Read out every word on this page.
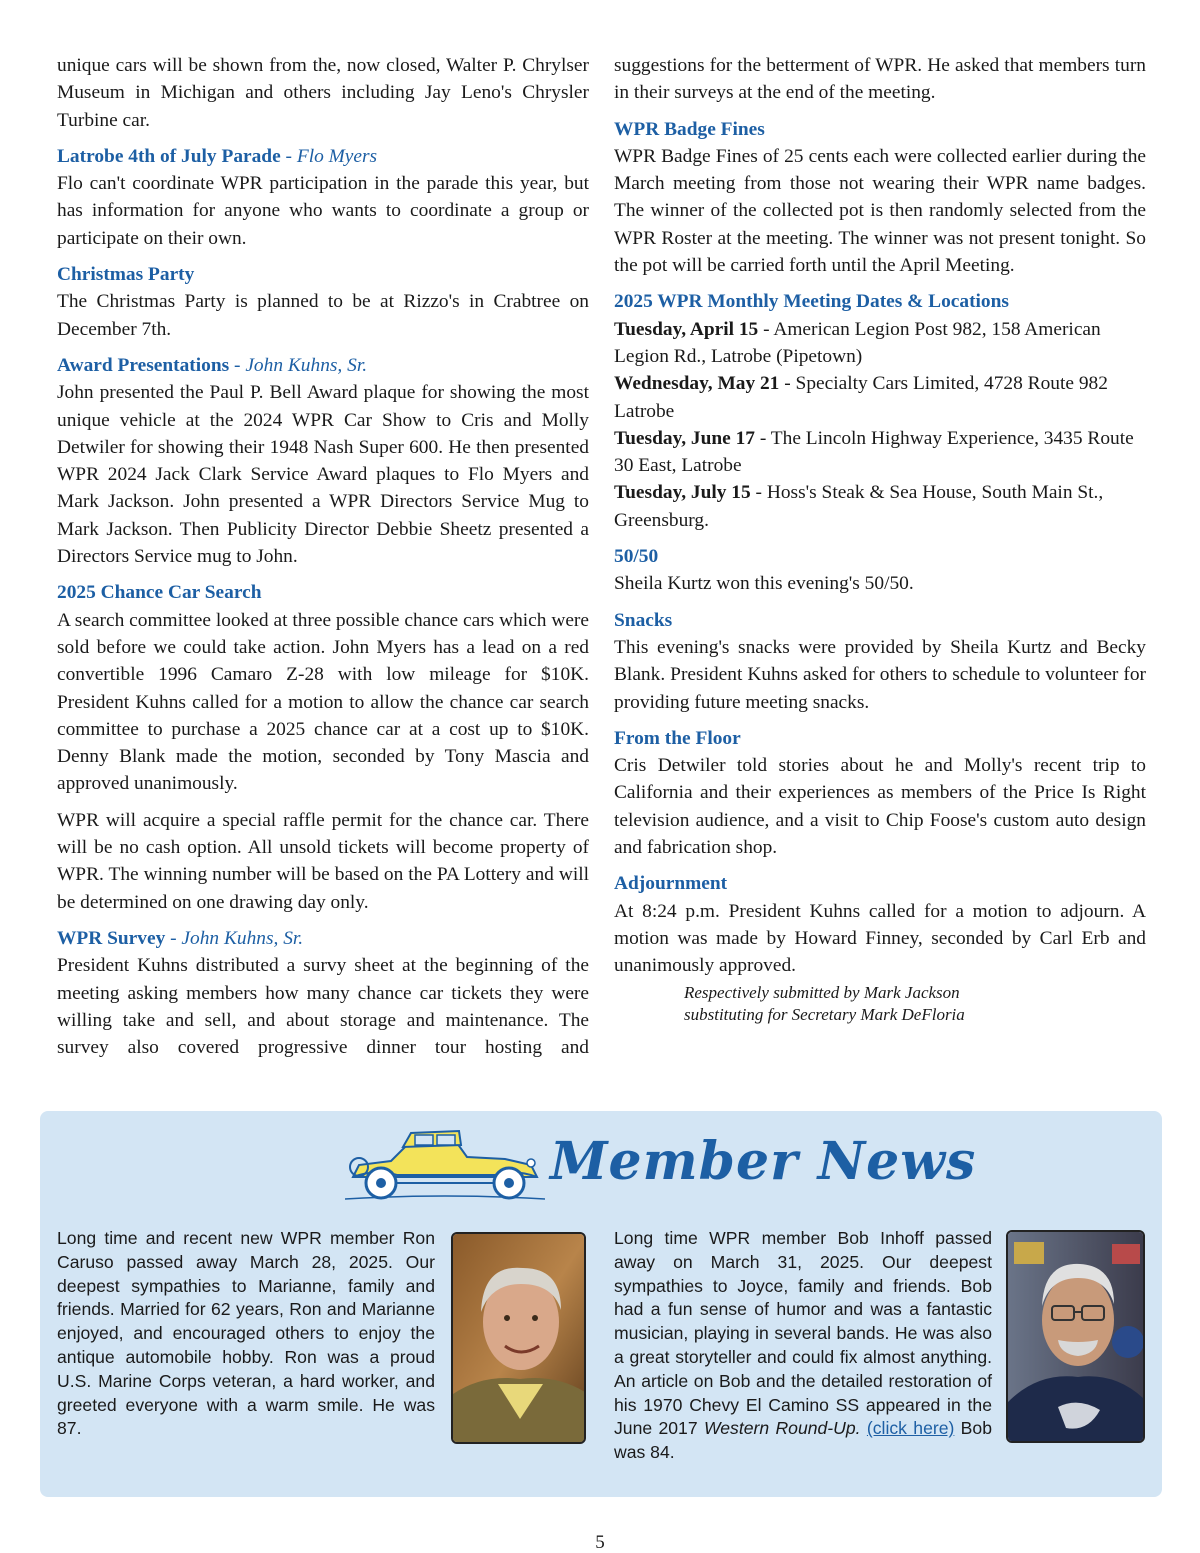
unique cars will be shown from the, now closed, Walter P. Chrylser Museum in Michigan and others including Jay Leno's Chrysler Turbine car.

Latrobe 4th of July Parade - Flo Myers

Flo can't coordinate WPR participation in the parade this year, but has information for anyone who wants to coordinate a group or participate on their own.

Christmas Party

The Christmas Party is planned to be at Rizzo's in Crabtree on December 7th.

Award Presentations - John Kuhns, Sr.

John presented the Paul P. Bell Award plaque for showing the most unique vehicle at the 2024 WPR Car Show to Cris and Molly Detwiler for showing their 1948 Nash Super 600. He then presented WPR 2024 Jack Clark Service Award plaques to Flo Myers and Mark Jackson. John presented a WPR Directors Service Mug to Mark Jackson. Then Publicity Director Debbie Sheetz presented a Directors Service mug to John.

2025 Chance Car Search

A search committee looked at three possible chance cars which were sold before we could take action. John Myers has a lead on a red convertible 1996 Camaro Z-28 with low mileage for $10K. President Kuhns called for a motion to allow the chance car search committee to purchase a 2025 chance car at a cost up to $10K. Denny Blank made the motion, seconded by Tony Mascia and approved unanimously.

WPR will acquire a special raffle permit for the chance car. There will be no cash option. All unsold tickets will become property of WPR. The winning number will be based on the PA Lottery and will be determined on one drawing day only.

WPR Survey - John Kuhns, Sr.

President Kuhns distributed a survy sheet at the beginning of the meeting asking members how many chance car tickets they were willing take and sell, and about storage and maintenance. The survey also covered progressive dinner tour hosting and

suggestions for the betterment of WPR. He asked that members turn in their surveys at the end of the meeting.

WPR Badge Fines

WPR Badge Fines of 25 cents each were collected earlier during the March meeting from those not wearing their WPR name badges. The winner of the collected pot is then randomly selected from the WPR Roster at the meeting. The winner was not present tonight. So the pot will be carried forth until the April Meeting.

2025 WPR Monthly Meeting Dates & Locations
Tuesday, April 15 - American Legion Post 982, 158 American Legion Rd., Latrobe (Pipetown)
Wednesday, May 21 - Specialty Cars Limited, 4728 Route 982 Latrobe
Tuesday, June 17 - The Lincoln Highway Experience, 3435 Route 30 East, Latrobe
Tuesday, July 15 - Hoss's Steak & Sea House, South Main St., Greensburg.
50/50

Sheila Kurtz won this evening's 50/50.

Snacks

This evening's snacks were provided by Sheila Kurtz and Becky Blank. President Kuhns asked for others to schedule to volunteer for providing future meeting snacks.

From the Floor

Cris Detwiler told stories about he and Molly's recent trip to California and their experiences as members of the Price Is Right television audience, and a visit to Chip Foose's custom auto design and fabrication shop.

Adjournment

At 8:24 p.m. President Kuhns called for a motion to adjourn. A motion was made by Howard Finney, seconded by Carl Erb and unanimously approved.

Respectively submitted by Mark Jackson
substituting for Secretary Mark DeFloria
Member News
Long time and recent new WPR member Ron Caruso passed away March 28, 2025. Our deepest sympathies to Marianne, family and friends. Married for 62 years, Ron and Marianne enjoyed, and encouraged others to enjoy the antique automobile hobby. Ron was a proud U.S. Marine Corps veteran, a hard worker, and greeted everyone with a warm smile. He was 87.
Long time WPR member Bob Inhoff passed away on March 31, 2025. Our deepest sympathies to Joyce, family and friends. Bob had a fun sense of humor and was a fantastic musician, playing in several bands. He was also a great storyteller and could fix almost anything. An article on Bob and the detailed restoration of his 1970 Chevy El Camino SS appeared in the June 2017 Western Round-Up. (click here) Bob was 84.
5
